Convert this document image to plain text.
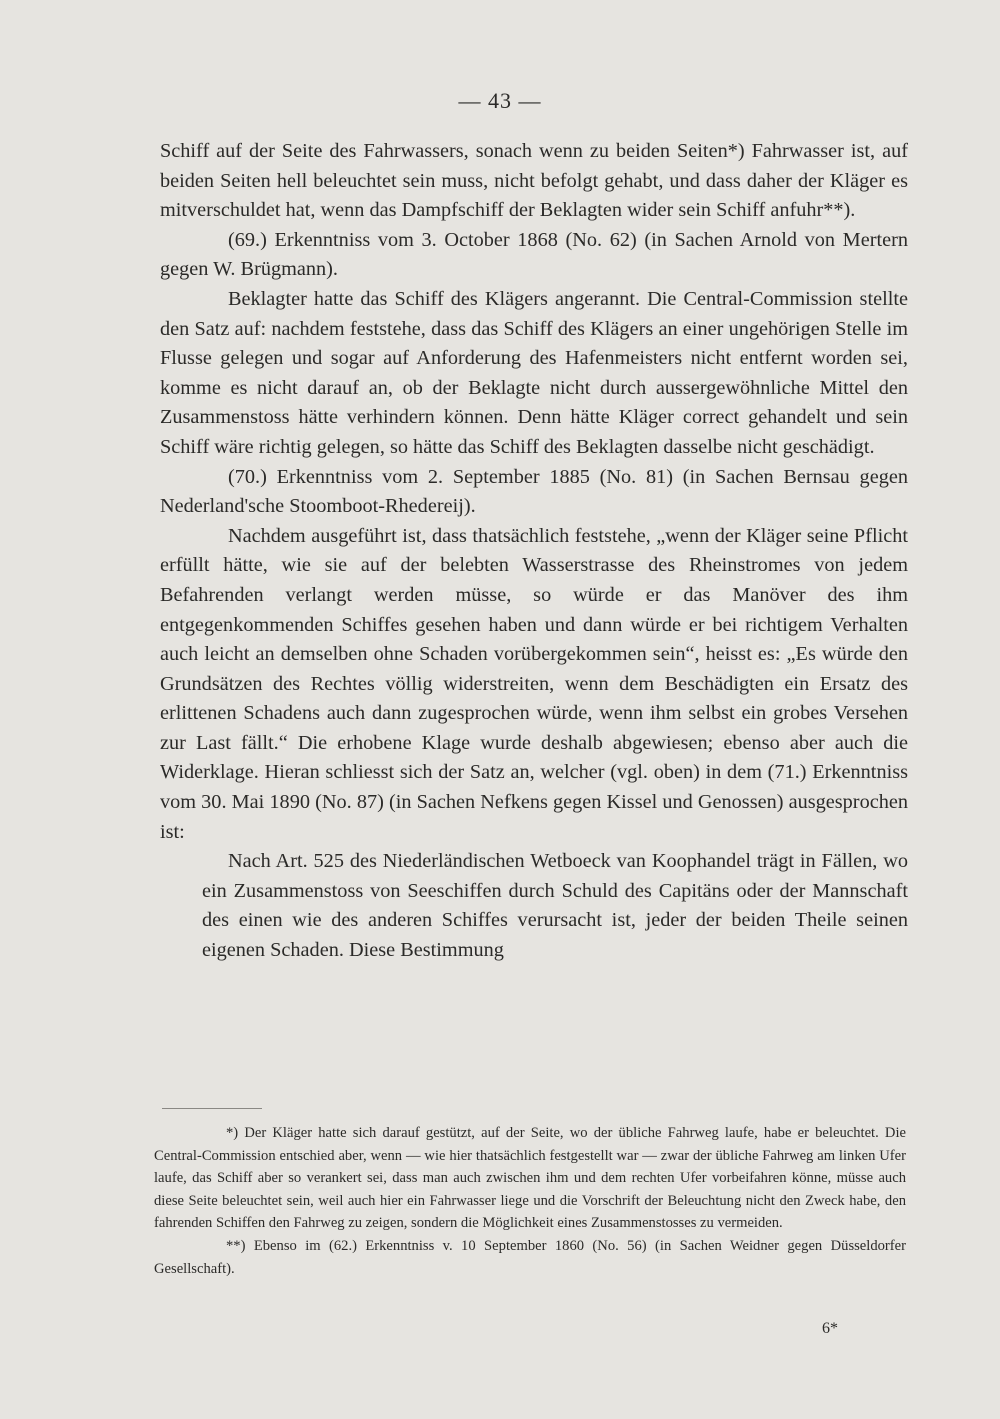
— 43 —

Schiff auf der Seite des Fahrwassers, sonach wenn zu beiden Seiten*) Fahrwasser ist, auf beiden Seiten hell beleuchtet sein muss, nicht befolgt gehabt, und dass daher der Kläger es mitverschuldet hat, wenn das Dampfschiff der Beklagten wider sein Schiff anfuhr**).

(69.) Erkenntniss vom 3. October 1868 (No. 62) (in Sachen Arnold von Mertern gegen W. Brügmann).

Beklagter hatte das Schiff des Klägers angerannt. Die Central-Commission stellte den Satz auf: nachdem feststehe, dass das Schiff des Klägers an einer ungehörigen Stelle im Flusse gelegen und sogar auf Anforderung des Hafenmeisters nicht entfernt worden sei, komme es nicht darauf an, ob der Beklagte nicht durch aussergewöhnliche Mittel den Zusammenstoss hätte verhindern können. Denn hätte Kläger correct gehandelt und sein Schiff wäre richtig gelegen, so hätte das Schiff des Beklagten dasselbe nicht geschädigt.

(70.) Erkenntniss vom 2. September 1885 (No. 81) (in Sachen Bernsau gegen Nederland'sche Stoomboot-Rhedereij).

Nachdem ausgeführt ist, dass thatsächlich feststehe, „wenn der Kläger seine Pflicht erfüllt hätte, wie sie auf der belebten Wasserstrasse des Rheinstromes von jedem Befahrenden verlangt werden müsse, so würde er das Manöver des ihm entgegenkommenden Schiffes gesehen haben und dann würde er bei richtigem Verhalten auch leicht an demselben ohne Schaden vorübergekommen sein“, heisst es: „Es würde den Grundsätzen des Rechtes völlig widerstreiten, wenn dem Beschädigten ein Ersatz des erlittenen Schadens auch dann zugesprochen würde, wenn ihm selbst ein grobes Versehen zur Last fällt.“ Die erhobene Klage wurde deshalb abgewiesen; ebenso aber auch die Widerklage. Hieran schliesst sich der Satz an, welcher (vgl. oben) in dem (71.) Erkenntniss vom 30. Mai 1890 (No. 87) (in Sachen Nefkens gegen Kissel und Genossen) ausgesprochen ist:

Nach Art. 525 des Niederländischen Wetboeck van Koophandel trägt in Fällen, wo ein Zusammenstoss von Seeschiffen durch Schuld des Capitäns oder der Mannschaft des einen wie des anderen Schiffes verursacht ist, jeder der beiden Theile seinen eigenen Schaden. Diese Bestimmung

*) Der Kläger hatte sich darauf gestützt, auf der Seite, wo der übliche Fahrweg laufe, habe er beleuchtet. Die Central-Commission entschied aber, wenn — wie hier thatsächlich festgestellt war — zwar der übliche Fahrweg am linken Ufer laufe, das Schiff aber so verankert sei, dass man auch zwischen ihm und dem rechten Ufer vorbeifahren könne, müsse auch diese Seite beleuchtet sein, weil auch hier ein Fahrwasser liege und die Vorschrift der Beleuchtung nicht den Zweck habe, den fahrenden Schiffen den Fahrweg zu zeigen, sondern die Möglichkeit eines Zusammenstosses zu vermeiden.

**) Ebenso im (62.) Erkenntniss v. 10 September 1860 (No. 56) (in Sachen Weidner gegen Düsseldorfer Gesellschaft).

6*
